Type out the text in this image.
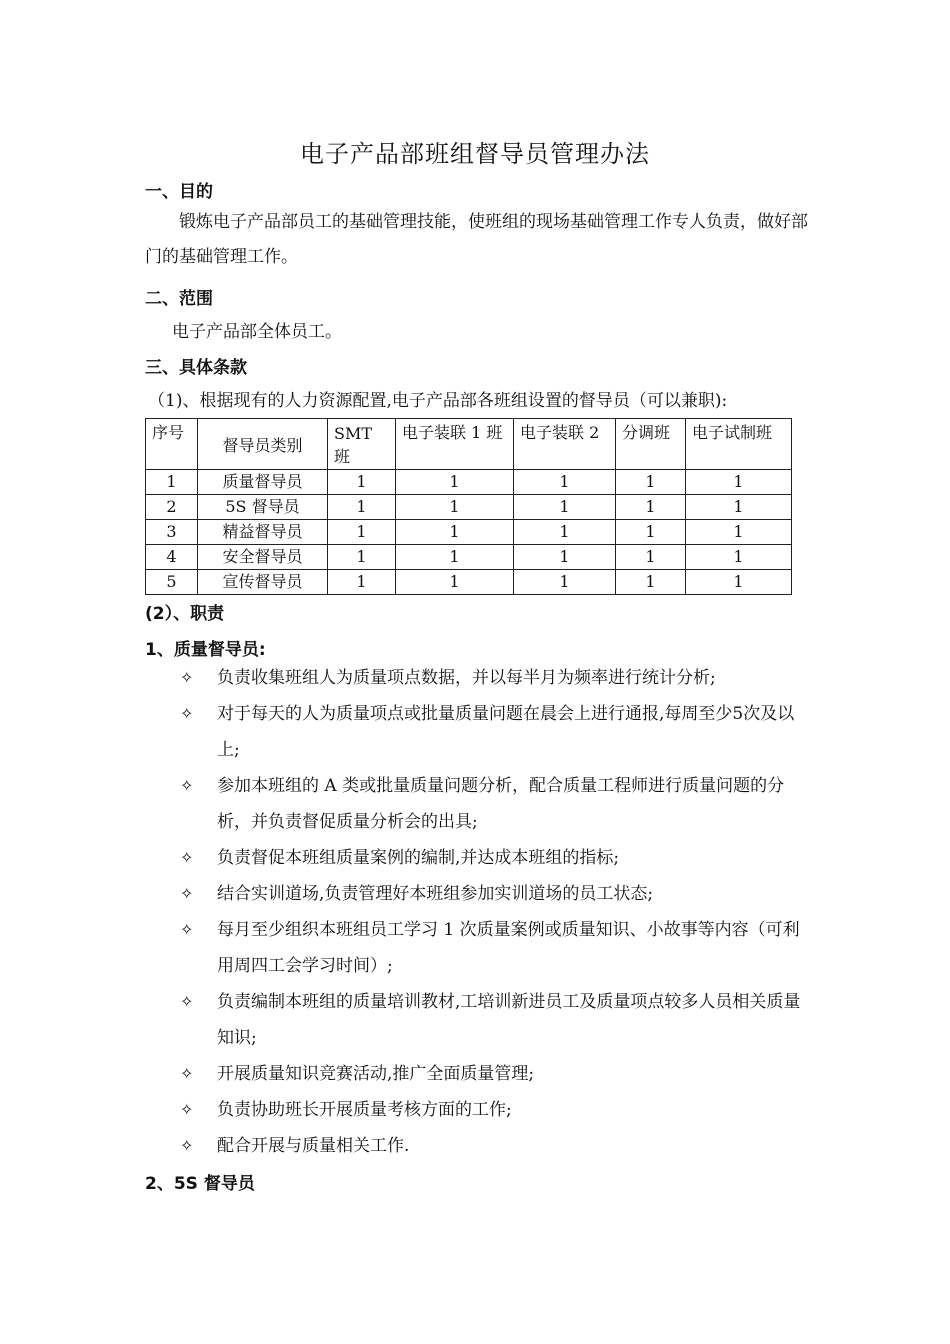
电子产品部班组督导员管理办法
一、目的
锻炼电子产品部员工的基础管理技能，使班组的现场基础管理工作专人负责，做好部门的基础管理工作。
二、范围
电子产品部全体员工。
三、具体条款
（1)、根据现有的人力资源配置,电子产品部各班组设置的督导员（可以兼职):
序号	督导员类别	SMT 班	电子装联 1 班	电子装联 2	分调班	电子试制班
1	质量督导员	1	1	1	1	1
2	5S 督导员	1	1	1	1	1
3	精益督导员	1	1	1	1	1
4	安全督导员	1	1	1	1	1
5	宣传督导员	1	1	1	1	1
(2）、职责
1、质量督导员:
✧ 负责收集班组人为质量项点数据，并以每半月为频率进行统计分析;
✧ 对于每天的人为质量项点或批量质量问题在晨会上进行通报,每周至少5次及以上;
✧ 参加本班组的 A 类或批量质量问题分析，配合质量工程师进行质量问题的分析，并负责督促质量分析会的出具;
✧ 负责督促本班组质量案例的编制,并达成本班组的指标;
✧ 结合实训道场,负责管理好本班组参加实训道场的员工状态;
✧ 每月至少组织本班组员工学习 1 次质量案例或质量知识、小故事等内容（可利用周四工会学习时间）;
✧ 负责编制本班组的质量培训教材,工培训新进员工及质量项点较多人员相关质量知识;
✧ 开展质量知识竞赛活动,推广全面质量管理;
✧ 负责协助班长开展质量考核方面的工作;
✧ 配合开展与质量相关工作.
2、5S 督导员
